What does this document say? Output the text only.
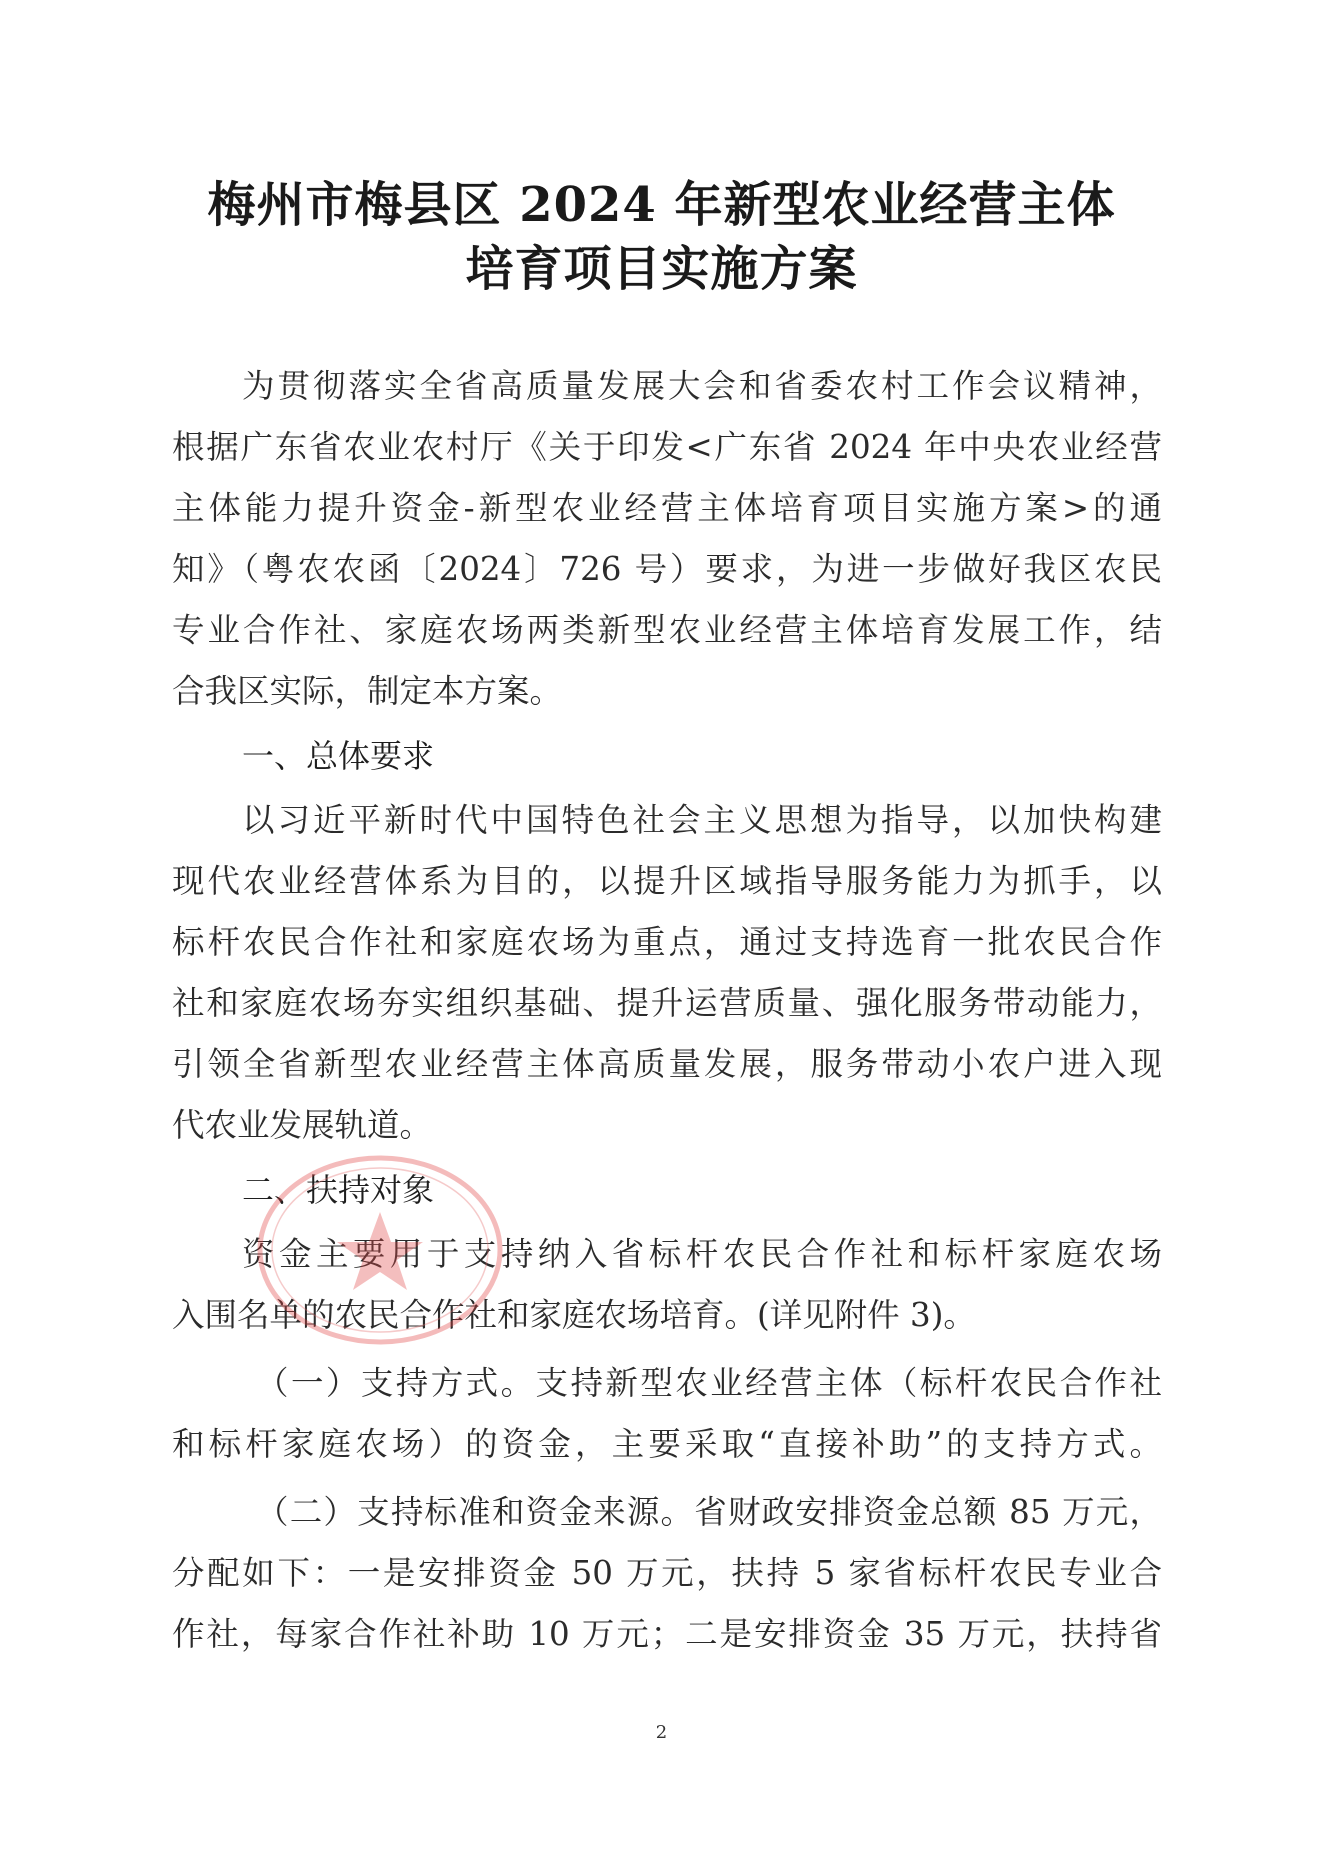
梅州市梅县区 2024 年新型农业经营主体
培育项目实施方案
为贯彻落实全省高质量发展大会和省委农村工作会议精神，
根据广东省农业农村厅《关于印发<广东省 2024 年中央农业经营
主体能力提升资金-新型农业经营主体培育项目实施方案>的通
知》（粤农农函〔2024〕726 号）要求，为进一步做好我区农民
专业合作社、家庭农场两类新型农业经营主体培育发展工作，结
合我区实际，制定本方案。
一、总体要求
以习近平新时代中国特色社会主义思想为指导，以加快构建
现代农业经营体系为目的，以提升区域指导服务能力为抓手，以
标杆农民合作社和家庭农场为重点，通过支持选育一批农民合作
社和家庭农场夯实组织基础、提升运营质量、强化服务带动能力，
引领全省新型农业经营主体高质量发展，服务带动小农户进入现
代农业发展轨道。
二、扶持对象
资金主要用于支持纳入省标杆农民合作社和标杆家庭农场
入围名单的农民合作社和家庭农场培育。(详见附件 3)。
（一）支持方式。支持新型农业经营主体（标杆农民合作社
和标杆家庭农场）的资金，主要采取“直接补助”的支持方式。
（二）支持标准和资金来源。省财政安排资金总额 85 万元，
分配如下：一是安排资金 50 万元，扶持 5 家省标杆农民专业合
作社，每家合作社补助 10 万元；二是安排资金 35 万元，扶持省
2
